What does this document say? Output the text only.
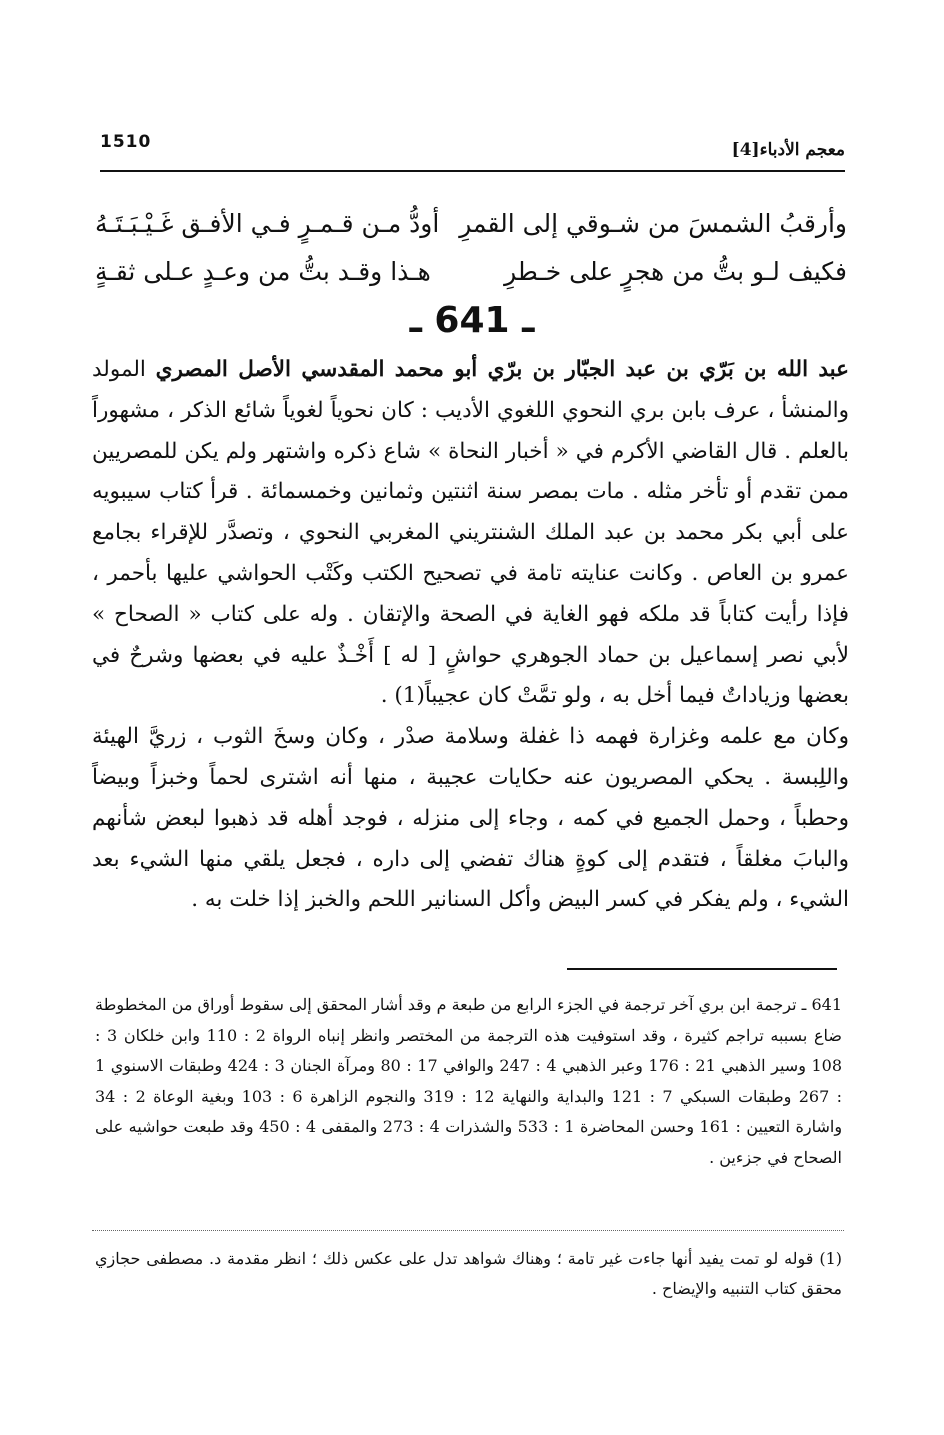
1510	معجم الأدباء[4]
أودُّ مـن قـمـرٍ فـي الأفـق غَـيْـبَـتَـهُ وأرقبُ الشمسَ من شـوقي إلى القمرِ
هـذا وقـد بتُّ من وعـدٍ عـلى ثقـةٍ	فكيف لـو بتُّ من هجرٍ على خـطرِ
ـ 641 ـ

عبد الله بن بَرّي بن عبد الجبّار بن برّي أبو محمد المقدسي الأصل المصري المولد والمنشأ ، عرف بابن بري النحوي اللغوي الأديب : كان نحوياً لغوياً شائع الذكر ، مشهوراً بالعلم . قال القاضي الأكرم في « أخبار النحاة » شاع ذكره واشتهر ولم يكن للمصريين ممن تقدم أو تأخر مثله . مات بمصر سنة اثنتين وثمانين وخمسمائة . قرأ كتاب سيبويه على أبي بكر محمد بن عبد الملك الشنتريني المغربي النحوي ، وتصدَّر للإقراء بجامع عمرو بن العاص . وكانت عنايته تامة في تصحيح الكتب وكَتْب الحواشي عليها بأحمر ، فإذا رأيت كتاباً قد ملكه فهو الغاية في الصحة والإتقان . وله على كتاب « الصحاح » لأبي نصر إسماعيل بن حماد الجوهري حواشٍ [ له ] أَخْـذٌ عليه في بعضها وشرحٌ في بعضها وزياداتٌ فيما أخل به ، ولو تمَّتْ كان عجيباً(1) .

وكان مع علمه وغزارة فهمه ذا غفلة وسلامة صدْر ، وكان وسخَ الثوب ، زريَّ الهيئة واللِبسة . يحكي المصريون عنه حكايات عجيبة ، منها أنه اشترى لحماً وخبزاً وبيضاً وحطباً ، وحمل الجميع في كمه ، وجاء إلى منزله ، فوجد أهله قد ذهبوا لبعض شأنهم والبابَ مغلقاً ، فتقدم إلى كوةٍ هناك تفضي إلى داره ، فجعل يلقي منها الشيء بعد الشيء ، ولم يفكر في كسر البيض وأكل السنانير اللحم والخبز إذا خلت به .

641 ـ ترجمة ابن بري آخر ترجمة في الجزء الرابع من طبعة م وقد أشار المحقق إلى سقوط أوراق من المخطوطة ضاع بسببه تراجم كثيرة ، وقد استوفيت هذه الترجمة من المختصر وانظر إنباه الرواة 2 : 110 وابن خلكان 3 : 108 وسير الذهبي 21 : 176 وعبر الذهبي 4 : 247 والوافي 17 : 80 ومرآة الجنان 3 : 424 وطبقات الاسنوي 1 : 267 وطبقات السبكي 7 : 121 والبداية والنهاية 12 : 319 والنجوم الزاهرة 6 : 103 وبغية الوعاة 2 : 34 واشارة التعيين : 161 وحسن المحاضرة 1 : 533 والشذرات 4 : 273 والمقفى 4 : 450 وقد طبعت حواشيه على الصحاح في جزءين .

(1) قوله لو تمت يفيد أنها جاءت غير تامة ؛ وهناك شواهد تدل على عكس ذلك ؛ انظر مقدمة د. مصطفى حجازي محقق كتاب التنبيه والإيضاح .
